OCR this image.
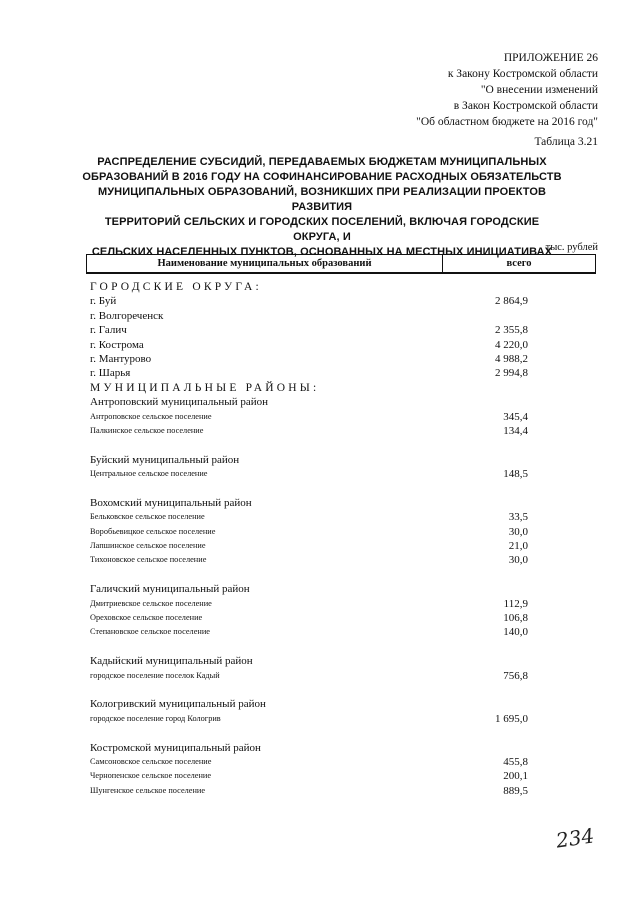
ПРИЛОЖЕНИЕ 26
к Закону Костромской области
"О внесении изменений
в Закон Костромской области
"Об областном бюджете на 2016 год"
Таблица 3.21
РАСПРЕДЕЛЕНИЕ СУБСИДИЙ, ПЕРЕДАВАЕМЫХ БЮДЖЕТАМ МУНИЦИПАЛЬНЫХ
ОБРАЗОВАНИЙ В 2016 ГОДУ НА СОФИНАНСИРОВАНИЕ РАСХОДНЫХ ОБЯЗАТЕЛЬСТВ
МУНИЦИПАЛЬНЫХ ОБРАЗОВАНИЙ, ВОЗНИКШИХ ПРИ РЕАЛИЗАЦИИ ПРОЕКТОВ РАЗВИТИЯ
ТЕРРИТОРИЙ СЕЛЬСКИХ И ГОРОДСКИХ ПОСЕЛЕНИЙ, ВКЛЮЧАЯ ГОРОДСКИЕ ОКРУГА, И
СЕЛЬСКИХ НАСЕЛЕННЫХ ПУНКТОВ, ОСНОВАННЫХ НА МЕСТНЫХ ИНИЦИАТИВАХ
тыс. рублей
Наименование муниципальных образований	всего
ГОРОДСКИЕ ОКРУГА:
г. Буй	2 864,9
г. Волгореченск
г. Галич	2 355,8
г. Кострома	4 220,0
г. Мантурово	4 988,2
г. Шарья	2 994,8
МУНИЦИПАЛЬНЫЕ РАЙОНЫ:
Антроповский муниципальный район
Антроповское сельское поселение	345,4
Палкинское сельское поселение	134,4
Буйский муниципальный район
Центральное сельское поселение	148,5
Вохомский муниципальный район
Бельковское сельское поселение	33,5
Воробьевицкое сельское поселение	30,0
Лапшинское сельское поселение	21,0
Тихоновское сельское поселение	30,0
Галичский муниципальный район
Дмитриевское сельское поселение	112,9
Ореховское сельское поселение	106,8
Степановское сельское поселение	140,0
Кадыйский муниципальный район
городское поселение поселок Кадый	756,8
Кологривский муниципальный район
городское поселение город Кологрив	1 695,0
Костромской муниципальный район
Самсоновское сельское поселение	455,8
Чернопенское сельское поселение	200,1
Шунгенское сельское поселение	889,5
234
